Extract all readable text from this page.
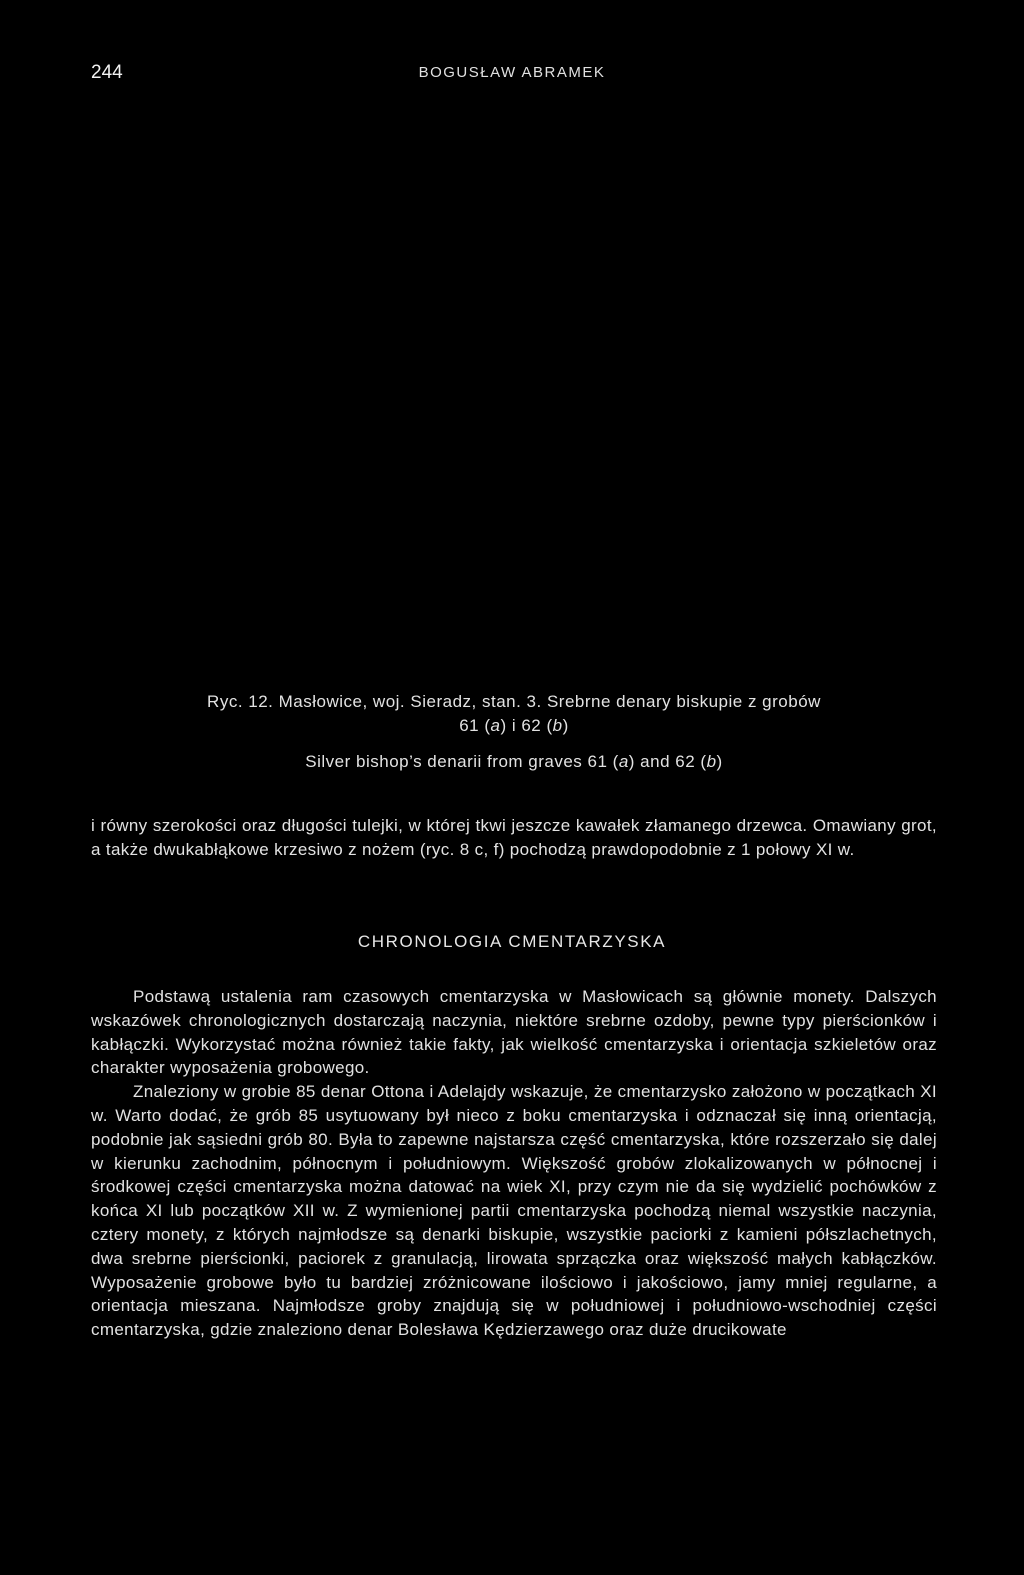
244	BOGUSŁAW ABRAMEK
Ryc. 12. Masłowice, woj. Sieradz, stan. 3. Srebrne denary biskupie z grobów
61 (a) i 62 (b)
Silver bishop’s denarii from graves 61 (a) and 62 (b)

i równy szerokości oraz długości tulejki, w której tkwi jeszcze kawałek złamanego drzewca. Omawiany grot, a także dwukabłąkowe krzesiwo z nożem (ryc. 8 c, f) pochodzą prawdopodobnie z 1 połowy XI w.

CHRONOLOGIA CMENTARZYSKA

Podstawą ustalenia ram czasowych cmentarzyska w Masłowicach są głównie monety. Dalszych wskazówek chronologicznych dostarczają naczynia, niektóre srebrne ozdoby, pewne typy pierścionków i kabłączki. Wykorzystać można również takie fakty, jak wielkość cmentarzyska i orientacja szkieletów oraz charakter wyposażenia grobowego.

Znaleziony w grobie 85 denar Ottona i Adelajdy wskazuje, że cmentarzysko założono w początkach XI w. Warto dodać, że grób 85 usytuowany był nieco z boku cmentarzyska i odznaczał się inną orientacją, podobnie jak sąsiedni grób 80. Była to zapewne najstarsza część cmentarzyska, które rozszerzało się dalej w kierunku zachodnim, północnym i południowym. Większość grobów zlokalizowanych w północnej i środkowej części cmentarzyska można datować na wiek XI, przy czym nie da się wydzielić pochówków z końca XI lub początków XII w. Z wymienionej partii cmentarzyska pochodzą niemal wszystkie naczynia, cztery monety, z których najmłodsze są denarki biskupie, wszystkie paciorki z kamieni półszlachetnych, dwa srebrne pierścionki, paciorek z granulacją, lirowata sprzączka oraz większość małych kabłączków. Wyposażenie grobowe było tu bardziej zróżnicowane ilościowo i jakościowo, jamy mniej regularne, a orientacja mieszana. Najmłodsze groby znajdują się w południowej i południowo-wschodniej części cmentarzyska, gdzie znaleziono denar Bolesława Kędzierzawego oraz duże drucikowate
